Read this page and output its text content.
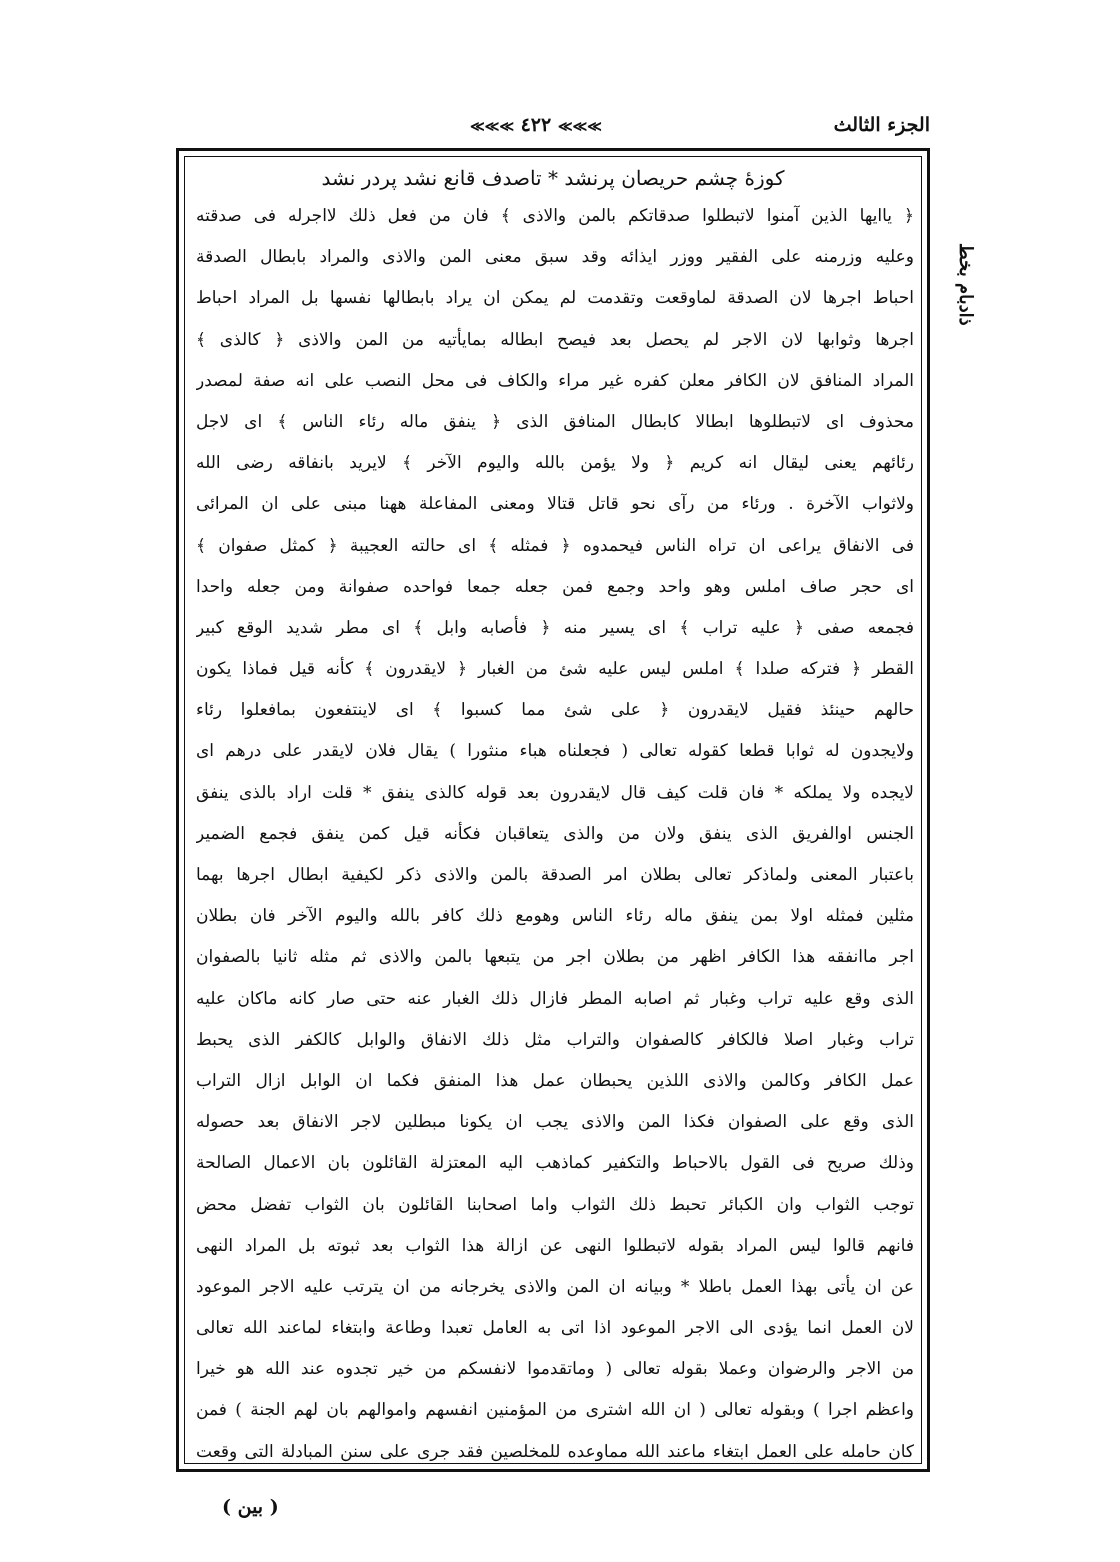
الجزء الثالث
≫≫≫ ٤٢٢ ≫≫≫
ذادبام بخط
كوزهٔ چشم حريصان پرنشد * تاصدف قانع نشد پردر نشد
﴿ ياايها الذين آمنوا لاتبطلوا صدقاتكم بالمن والاذى ﴾ فان من فعل ذلك لااجرله فى صدقته
وعليه وزرمنه على الفقير ووزر ايذائه وقد سبق معنى المن والاذى والمراد بابطال الصدقة
احباط اجرها لان الصدقة لماوقعت وتقدمت لم يمكن ان يراد بابطالها نفسها بل المراد احباط
اجرها وثوابها لان الاجر لم يحصل بعد فيصح ابطاله بمايأتيه من المن والاذى ﴿ كالذى ﴾
المراد المنافق لان الكافر معلن كفره غير مراء والكاف فى محل النصب على انه صفة لمصدر
محذوف اى لاتبطلوها ابطالا كابطال المنافق الذى ﴿ ينفق ماله رئاء الناس ﴾ اى لاجل
رئائهم يعنى ليقال انه كريم ﴿ ولا يؤمن بالله واليوم الآخر ﴾ لايريد بانفاقه رضى الله
ولاثواب الآخرة . ورئاء من رآى نحو قاتل قتالا ومعنى المفاعلة ههنا مبنى على ان المرائى
فى الانفاق يراعى ان تراه الناس فيحمدوه ﴿ فمثله ﴾ اى حالته العجيبة ﴿ كمثل صفوان ﴾
اى حجر صاف املس وهو واحد وجمع فمن جعله جمعا فواحده صفوانة ومن جعله واحدا
فجمعه صفى ﴿ عليه تراب ﴾ اى يسير منه ﴿ فأصابه وابل ﴾ اى مطر شديد الوقع كبير
القطر ﴿ فتركه صلدا ﴾ املس ليس عليه شئ من الغبار ﴿ لايقدرون ﴾ كأنه قيل فماذا يكون
حالهم حينئذ فقيل لايقدرون ﴿ على شئ مما كسبوا ﴾ اى لاينتفعون بمافعلوا رئاء
ولايجدون له ثوابا قطعا كقوله تعالى ( فجعلناه هباء منثورا ) يقال فلان لايقدر على درهم اى
لايجده ولا يملكه * فان قلت كيف قال لايقدرون بعد قوله كالذى ينفق * قلت اراد بالذى ينفق
الجنس اوالفريق الذى ينفق ولان من والذى يتعاقبان فكأنه قيل كمن ينفق فجمع الضمير
باعتبار المعنى ولماذكر تعالى بطلان امر الصدقة بالمن والاذى ذكر لكيفية ابطال اجرها بهما
مثلين فمثله اولا بمن ينفق ماله رئاء الناس وهومع ذلك كافر بالله واليوم الآخر فان بطلان
اجر ماانفقه هذا الكافر اظهر من بطلان اجر من يتبعها بالمن والاذى ثم مثله ثانيا بالصفوان
الذى وقع عليه تراب وغبار ثم اصابه المطر فازال ذلك الغبار عنه حتى صار كانه ماكان عليه
تراب وغبار اصلا فالكافر كالصفوان والتراب مثل ذلك الانفاق والوابل كالكفر الذى يحبط
عمل الكافر وكالمن والاذى اللذين يحبطان عمل هذا المنفق فكما ان الوابل ازال التراب
الذى وقع على الصفوان فكذا المن والاذى يجب ان يكونا مبطلين لاجر الانفاق بعد حصوله
وذلك صريح فى القول بالاحباط والتكفير كماذهب اليه المعتزلة القائلون بان الاعمال الصالحة
توجب الثواب وان الكبائر تحبط ذلك الثواب واما اصحابنا القائلون بان الثواب تفضل محض
فانهم قالوا ليس المراد بقوله لاتبطلوا النهى عن ازالة هذا الثواب بعد ثبوته بل المراد النهى
عن ان يأتى بهذا العمل باطلا * وبيانه ان المن والاذى يخرجانه من ان يترتب عليه الاجر الموعود
لان العمل انما يؤدى الى الاجر الموعود اذا اتى به العامل تعبدا وطاعة وابتغاء لماعند الله تعالى
من الاجر والرضوان وعملا بقوله تعالى ( وماتقدموا لانفسكم من خير تجدوه عند الله هو خيرا
واعظم اجرا ) وبقوله تعالى ( ان الله اشترى من المؤمنين انفسهم واموالهم بان لهم الجنة ) فمن
كان حامله على العمل ابتغاء ماعند الله مماوعده للمخلصين فقد جرى على سنن المبادلة التى وقعت
( بين )
